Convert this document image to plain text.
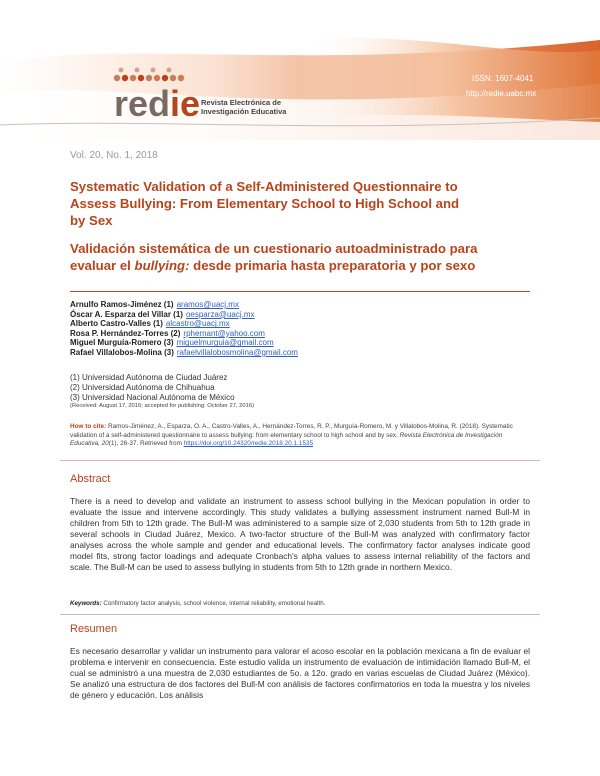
redie Revista Electrónica de Investigación Educativa
ISSN: 1607-4041
http://redie.uabc.mx
Vol. 20, No. 1, 2018
Systematic Validation of a Self-Administered Questionnaire to Assess Bullying: From Elementary School to High School and by Sex
Validación sistemática de un cuestionario autoadministrado para evaluar el bullying: desde primaria hasta preparatoria y por sexo
Arnulfo Ramos-Jiménez (1) aramos@uacj.mx
Óscar A. Esparza del Villar (1) oesparza@uacj.mx
Alberto Castro-Valles (1) alcastro@uacj.mx
Rosa P. Hernández-Torres (2) rphernant@yahoo.com
Miguel Murguía-Romero (3) miguelmurguia@gmail.com
Rafael Villalobos-Molina (3) rafaelvillalobosmolina@gmail.com
(1) Universidad Autónoma de Ciudad Juárez
(2) Universidad Autónoma de Chihuahua
(3) Universidad Nacional Autónoma de México
(Received: August 17, 2016; accepted for publishing: October 27, 2016)
How to cite: Ramos-Jiménez, A., Esparza, O. A., Castro-Valles, A., Hernández-Torres, R. P., Murguía-Romero, M. y Villalobos-Molina, R. (2018). Systematic validation of a self-administered questionnaire to assess bullying: from elementary school to high school and by sex. Revista Electrónica de Investigación Educativa, 20(1), 26-37. Retrieved from https://doi.org/10.24320/redie.2018.20.1.1535
Abstract
There is a need to develop and validate an instrument to assess school bullying in the Mexican population in order to evaluate the issue and intervene accordingly. This study validates a bullying assessment instrument named Bull-M in children from 5th to 12th grade. The Bull-M was administered to a sample size of 2,030 students from 5th to 12th grade in several schools in Ciudad Juárez, Mexico. A two-factor structure of the Bull-M was analyzed with confirmatory factor analyses across the whole sample and gender and educational levels. The confirmatory factor analyses indicate good model fits, strong factor loadings and adequate Cronbach's alpha values to assess internal reliability of the factors and scale. The Bull-M can be used to assess bullying in students from 5th to 12th grade in northern Mexico.
Keywords: Confirmatory factor analysis, school violence, internal reliability, emotional health.
Resumen
Es necesario desarrollar y validar un instrumento para valorar el acoso escolar en la población mexicana a fin de evaluar el problema e intervenir en consecuencia. Este estudio valida un instrumento de evaluación de intimidación llamado Bull-M, el cual se administró a una muestra de 2,030 estudiantes de 5o. a 12o. grado en varias escuelas de Ciudad Juárez (México). Se analizó una estructura de dos factores del Bull-M con análisis de factores confirmatorios en toda la muestra y los niveles de género y educación. Los análisis
